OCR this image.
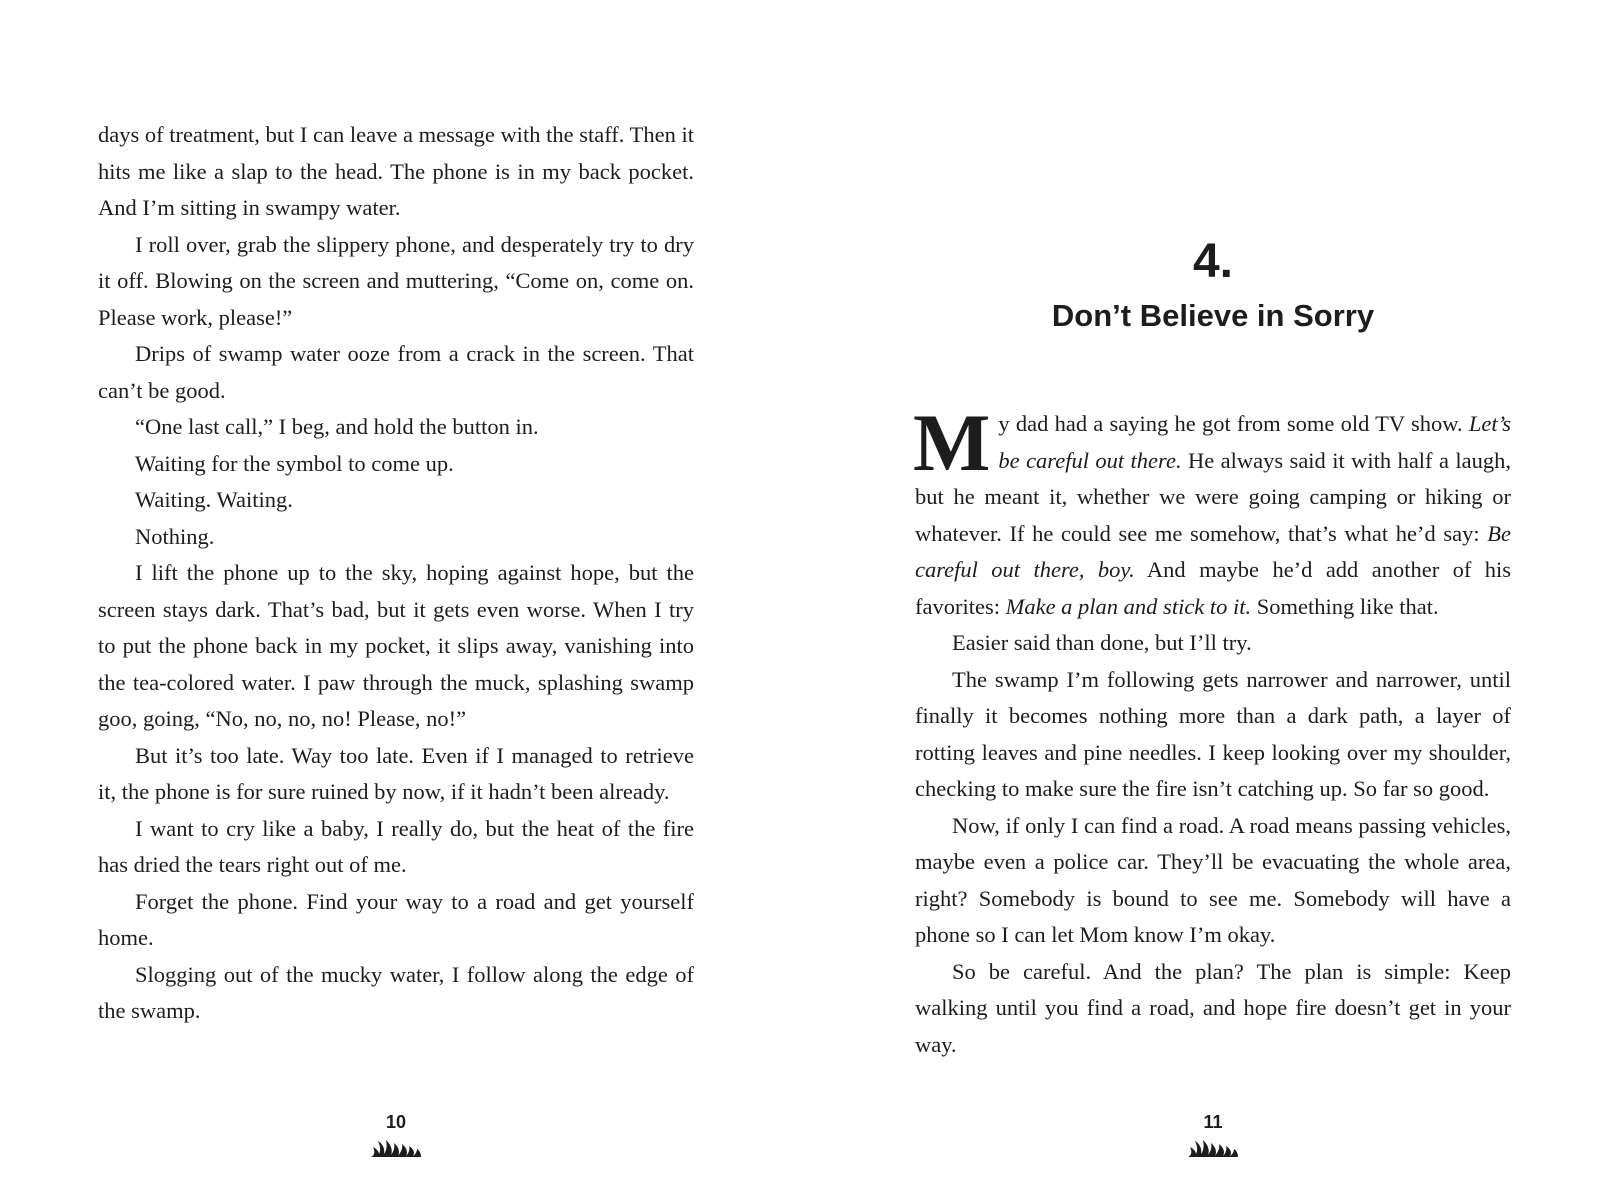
days of treatment, but I can leave a message with the staff. Then it hits me like a slap to the head. The phone is in my back pocket. And I’m sitting in swampy water.

I roll over, grab the slippery phone, and desperately try to dry it off. Blowing on the screen and muttering, “Come on, come on. Please work, please!”

Drips of swamp water ooze from a crack in the screen. That can’t be good.

“One last call,” I beg, and hold the button in.

Waiting for the symbol to come up.

Waiting. Waiting.

Nothing.

I lift the phone up to the sky, hoping against hope, but the screen stays dark. That’s bad, but it gets even worse. When I try to put the phone back in my pocket, it slips away, vanishing into the tea-colored water. I paw through the muck, splashing swamp goo, going, “No, no, no, no! Please, no!”

But it’s too late. Way too late. Even if I managed to retrieve it, the phone is for sure ruined by now, if it hadn’t been already.

I want to cry like a baby, I really do, but the heat of the fire has dried the tears right out of me.

Forget the phone. Find your way to a road and get yourself home.

Slogging out of the mucky water, I follow along the edge of the swamp.

10
4.
Don’t Believe in Sorry

My dad had a saying he got from some old TV show. Let’s be careful out there. He always said it with half a laugh, but he meant it, whether we were going camping or hiking or whatever. If he could see me somehow, that’s what he’d say: Be careful out there, boy. And maybe he’d add another of his favorites: Make a plan and stick to it. Something like that.

Easier said than done, but I’ll try.

The swamp I’m following gets narrower and narrower, until finally it becomes nothing more than a dark path, a layer of rotting leaves and pine needles. I keep looking over my shoulder, checking to make sure the fire isn’t catching up. So far so good.

Now, if only I can find a road. A road means passing vehicles, maybe even a police car. They’ll be evacuating the whole area, right? Somebody is bound to see me. Somebody will have a phone so I can let Mom know I’m okay.

So be careful. And the plan? The plan is simple: Keep walking until you find a road, and hope fire doesn’t get in your way.

11
